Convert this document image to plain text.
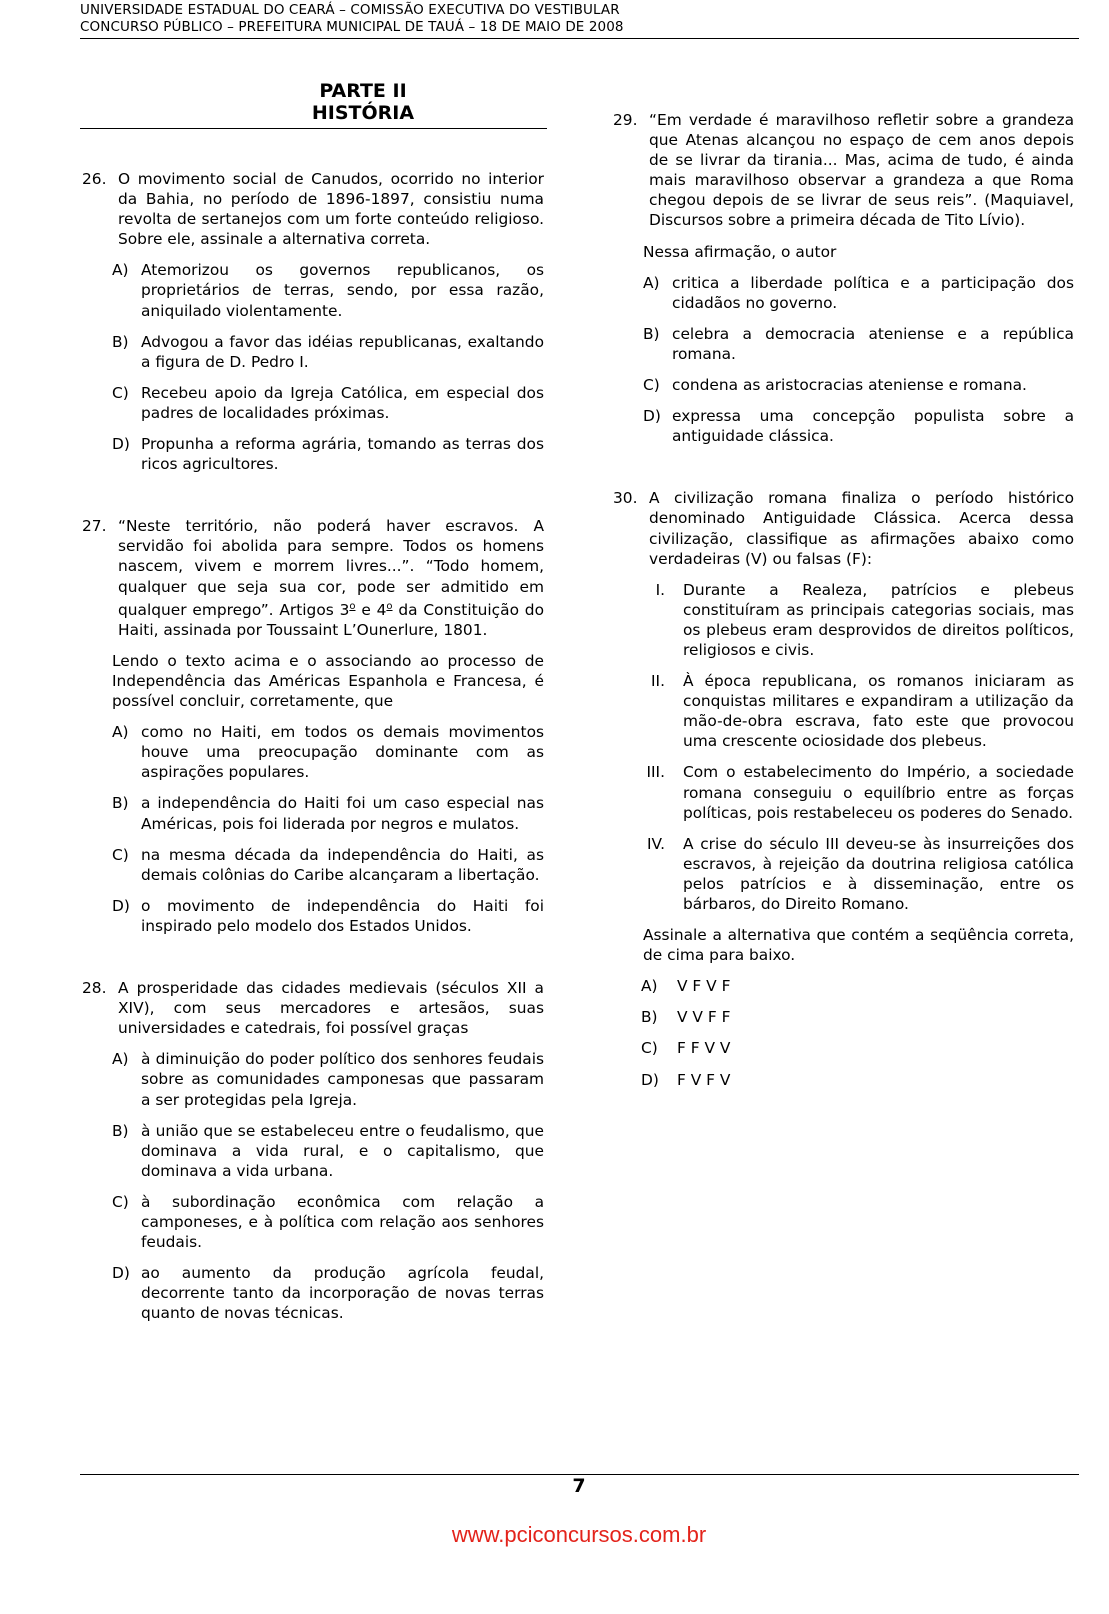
UNIVERSIDADE ESTADUAL DO CEARÁ – COMISSÃO EXECUTIVA DO VESTIBULAR
CONCURSO PÚBLICO – PREFEITURA MUNICIPAL DE TAUÁ – 18 DE MAIO DE 2008
PARTE II
HISTÓRIA
26. O movimento social de Canudos, ocorrido no interior da Bahia, no período de 1896-1897, consistiu numa revolta de sertanejos com um forte conteúdo religioso. Sobre ele, assinale a alternativa correta.

A) Atemorizou os governos republicanos, os proprietários de terras, sendo, por essa razão, aniquilado violentamente.
B) Advogou a favor das idéias republicanas, exaltando a figura de D. Pedro I.
C) Recebeu apoio da Igreja Católica, em especial dos padres de localidades próximas.
D) Propunha a reforma agrária, tomando as terras dos ricos agricultores.
27. “Neste território, não poderá haver escravos. A servidão foi abolida para sempre. Todos os homens nascem, vivem e morrem livres...”. “Todo homem, qualquer que seja sua cor, pode ser admitido em qualquer emprego”. Artigos 3$^o$ e 4$^o$ da Constituição do Haiti, assinada por Toussaint L’Ounerlure, 1801.

Lendo o texto acima e o associando ao processo de Independência das Américas Espanhola e Francesa, é possível concluir, corretamente, que
A) como no Haiti, em todos os demais movimentos houve uma preocupação dominante com as aspirações populares.
B) a independência do Haiti foi um caso especial nas Américas, pois foi liderada por negros e mulatos.
C) na mesma década da independência do Haiti, as demais colônias do Caribe alcançaram a libertação.
D) o movimento de independência do Haiti foi inspirado pelo modelo dos Estados Unidos.
28. A prosperidade das cidades medievais (séculos XII a XIV), com seus mercadores e artesãos, suas universidades e catedrais, foi possível graças

A) à diminuição do poder político dos senhores feudais sobre as comunidades camponesas que passaram a ser protegidas pela Igreja.
B) à união que se estabeleceu entre o feudalismo, que dominava a vida rural, e o capitalismo, que dominava a vida urbana.
C) à subordinação econômica com relação a camponeses, e à política com relação aos senhores feudais.
D) ao aumento da produção agrícola feudal, decorrente tanto da incorporação de novas terras quanto de novas técnicas.
29. “Em verdade é maravilhoso refletir sobre a grandeza que Atenas alcançou no espaço de cem anos depois de se livrar da tirania... Mas, acima de tudo, é ainda mais maravilhoso observar a grandeza a que Roma chegou depois de se livrar de seus reis”. (Maquiavel, Discursos sobre a primeira década de Tito Lívio).

Nessa afirmação, o autor
A) critica a liberdade política e a participação dos cidadãos no governo.
B) celebra a democracia ateniense e a república romana.
C) condena as aristocracias ateniense e romana.
D) expressa uma concepção populista sobre a antiguidade clássica.
30. A civilização romana finaliza o período histórico denominado Antiguidade Clássica. Acerca dessa civilização, classifique as afirmações abaixo como verdadeiras (V) ou falsas (F):

I. Durante a Realeza, patrícios e plebeus constituíram as principais categorias sociais, mas os plebeus eram desprovidos de direitos políticos, religiosos e civis.
II. À época republicana, os romanos iniciaram as conquistas militares e expandiram a utilização da mão-de-obra escrava, fato este que provocou uma crescente ociosidade dos plebeus.
III. Com o estabelecimento do Império, a sociedade romana conseguiu o equilíbrio entre as forças políticas, pois restabeleceu os poderes do Senado.
IV. A crise do século III deveu-se às insurreições dos escravos, à rejeição da doutrina religiosa católica pelos patrícios e à disseminação, entre os bárbaros, do Direito Romano.
Assinale a alternativa que contém a seqüência correta, de cima para baixo.
A) V F V F
B) V V F F
C) F F V V
D) F V F V
7
www.pciconcursos.com.br
